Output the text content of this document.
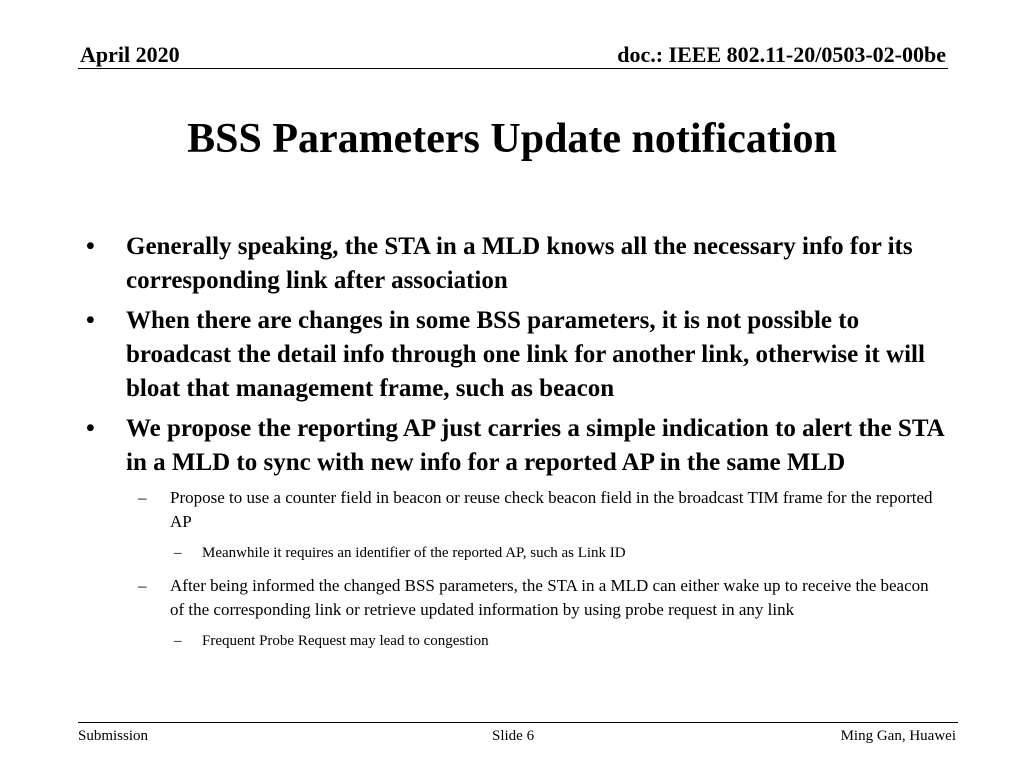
April 2020	doc.: IEEE 802.11-20/0503-02-00be
BSS Parameters Update notification
•	Generally speaking, the STA in a MLD knows all the necessary info for its corresponding link after association
•	When there are changes in some BSS parameters, it is not possible to broadcast the detail info through one link for another link, otherwise it will bloat that management frame, such as beacon
•	We propose the reporting AP just carries a simple indication to alert the STA in a MLD to sync with new info for a reported AP in the same MLD
– Propose to use a counter field in beacon or reuse check beacon field in the broadcast TIM frame for the reported AP
– Meanwhile it requires an identifier of the reported AP, such as Link ID
– After being informed the changed BSS parameters, the STA in a MLD can either wake up to receive the beacon of the corresponding link or retrieve updated information by using probe request in any link
– Frequent Probe Request may lead to congestion
Submission	Slide 6	Ming Gan, Huawei
